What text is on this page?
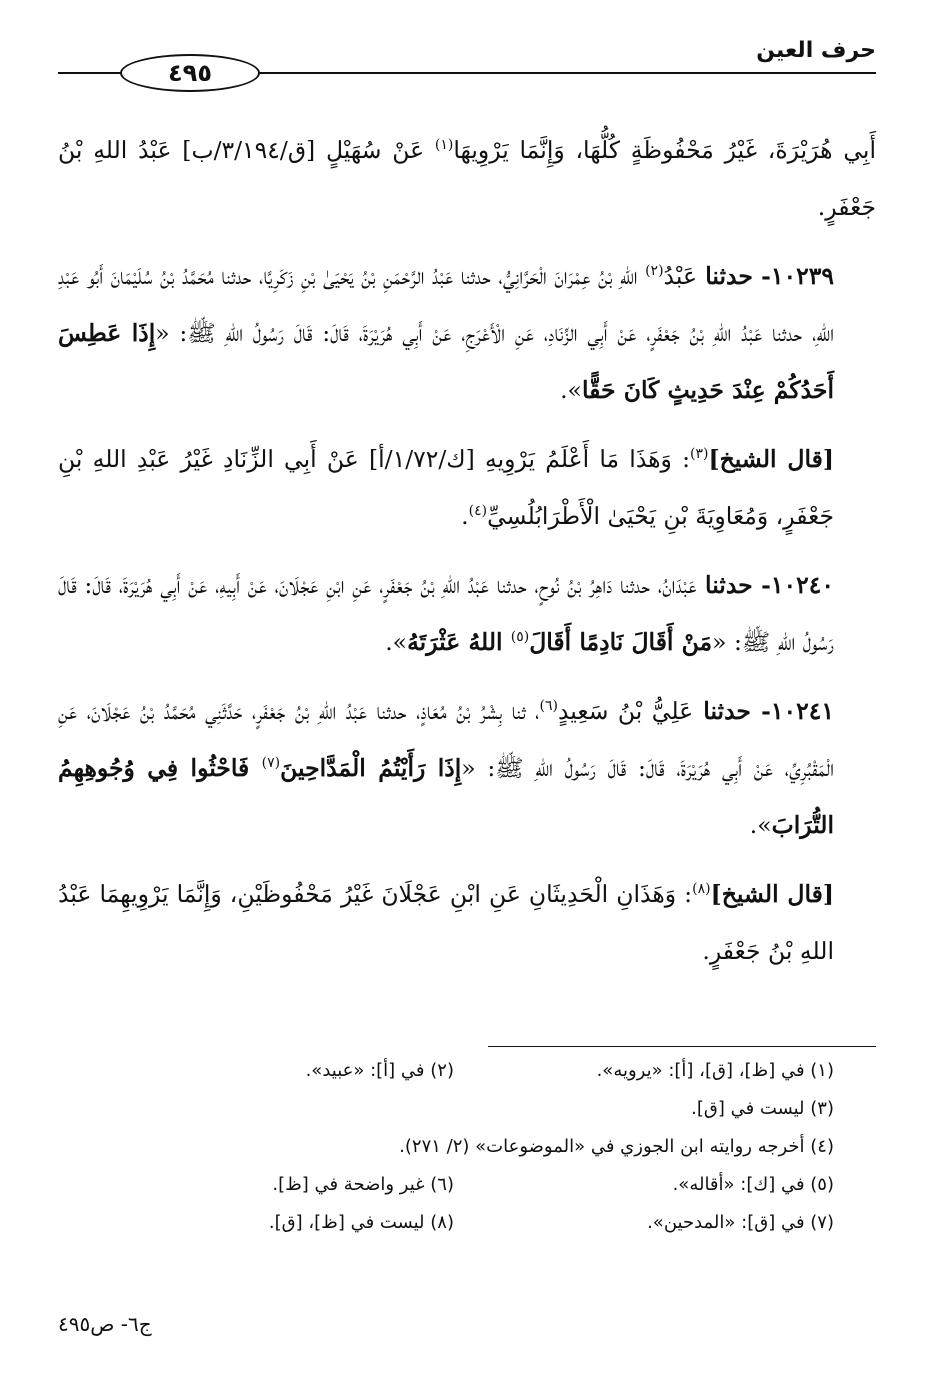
حرف العين
٤٩٥

أَبِي هُرَيْرَةَ، غَيْرُ مَحْفُوظَةٍ كُلُّهَا، وَإِنَّمَا يَرْوِيهَا$^{(١)}$ عَنْ سُهَيْلٍ [ق/٣/١٩٤/ب] عَبْدُ اللهِ بْنُ جَعْفَرٍ.

١٠٢٣٩- حدثنا عَبْدُ$^{(٢)}$ اللهِ بْنُ عِمْرَانَ الْحَرَّانِيُّ، حدثنا عَبْدُ الرَّحْمَنِ بْنُ يَحْيَىٰ بْنِ زَكَرِيَّا، حدثنا مُحَمَّدُ بْنُ سُلَيْمَانَ أَبُو عَبْدِ اللهِ، حدثنا عَبْدُ اللهِ بْنُ جَعْفَرٍ، عَنْ أَبِي الزِّنَادِ، عَنِ الْأَعْرَجِ، عَنْ أَبِي هُرَيْرَةَ، قَالَ: قَالَ رَسُولُ اللهِ ﷺ: «إِذَا عَطِسَ أَحَدُكُمْ عِنْدَ حَدِيثٍ كَانَ حَقًّا».

[قال الشيخ]$^{(٣)}$: وَهَذَا مَا أَعْلَمُ يَرْوِيهِ [ك/١/٧٢/أ] عَنْ أَبِي الزِّنَادِ غَيْرُ عَبْدِ اللهِ بْنِ جَعْفَرٍ، وَمُعَاوِيَةَ بْنِ يَحْيَىٰ الْأَطْرَابُلُسِيِّ$^{(٤)}$.

١٠٢٤٠- حدثنا عَبْدَانُ، حدثنا دَاهِرُ بْنُ نُوحٍ، حدثنا عَبْدُ اللهِ بْنُ جَعْفَرٍ، عَنِ ابْنِ عَجْلَانَ، عَنْ أَبِيهِ، عَنْ أَبِي هُرَيْرَةَ، قَالَ: قَالَ رَسُولُ اللهِ ﷺ: «مَنْ أَقَالَ نَادِمًا أَقَالَ$^{(٥)}$ اللهُ عَثْرَتَهُ».

١٠٢٤١- حدثنا عَلِيُّ بْنُ سَعِيدٍ$^{(٦)}$، ثنا بِشْرُ بْنُ مُعَاذٍ، حدثنا عَبْدُ اللهِ بْنُ جَعْفَرٍ، حَدَّثَنِي مُحَمَّدُ بْنُ عَجْلَانَ، عَنِ الْمَقْبُرِيِّ، عَنْ أَبِي هُرَيْرَةَ، قَالَ: قَالَ رَسُولُ اللهِ ﷺ: «إِذَا رَأَيْتُمُ الْمَدَّاحِينَ$^{(٧)}$ فَاحْثُوا فِي وُجُوهِهِمُ التُّرَابَ».

[قال الشيخ]$^{(٨)}$: وَهَذَانِ الْحَدِيثَانِ عَنِ ابْنِ عَجْلَانَ غَيْرُ مَحْفُوظَيْنِ، وَإِنَّمَا يَرْوِيهِمَا عَبْدُ اللهِ بْنُ جَعْفَرٍ.

(١) في [ظ]، [ق]، [أ]: «يرويه».
(٢) في [أ]: «عبيد».
(٣) ليست في [ق].
(٤) أخرجه روايته ابن الجوزي في «الموضوعات» (٢/ ٢٧١).
(٥) في [ك]: «أقاله».
(٦) غير واضحة في [ظ].
(٧) في [ق]: «المدحين».
(٨) ليست في [ظ]، [ق].
ج٦- ص٤٩٥
